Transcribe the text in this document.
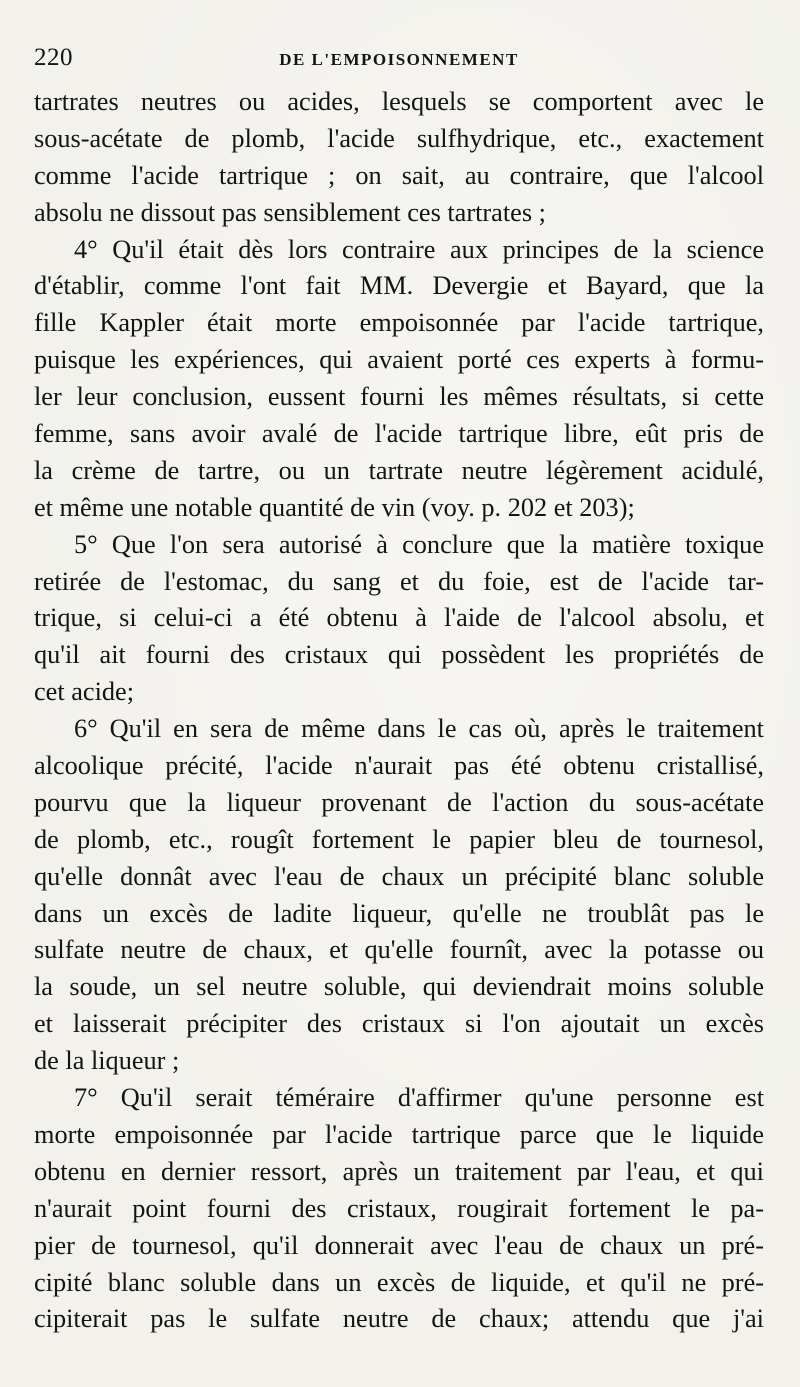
220	DE L'EMPOISONNEMENT
tartrates neutres ou acides, lesquels se comportent avec le
sous-acétate de plomb, l'acide sulfhydrique, etc., exactement
comme l'acide tartrique ; on sait, au contraire, que l'alcool
absolu ne dissout pas sensiblement ces tartrates ;
4° Qu'il était dès lors contraire aux principes de la science
d'établir, comme l'ont fait MM. Devergie et Bayard, que la
fille Kappler était morte empoisonnée par l'acide tartrique,
puisque les expériences, qui avaient porté ces experts à formu-
ler leur conclusion, eussent fourni les mêmes résultats, si cette
femme, sans avoir avalé de l'acide tartrique libre, eût pris de
la crème de tartre, ou un tartrate neutre légèrement acidulé,
et même une notable quantité de vin (voy. p. 202 et 203);
5° Que l'on sera autorisé à conclure que la matière toxique
retirée de l'estomac, du sang et du foie, est de l'acide tar-
trique, si celui-ci a été obtenu à l'aide de l'alcool absolu, et
qu'il ait fourni des cristaux qui possèdent les propriétés de
cet acide;
6° Qu'il en sera de même dans le cas où, après le traitement
alcoolique précité, l'acide n'aurait pas été obtenu cristallisé,
pourvu que la liqueur provenant de l'action du sous-acétate
de plomb, etc., rougît fortement le papier bleu de tournesol,
qu'elle donnât avec l'eau de chaux un précipité blanc soluble
dans un excès de ladite liqueur, qu'elle ne troublât pas le
sulfate neutre de chaux, et qu'elle fournît, avec la potasse ou
la soude, un sel neutre soluble, qui deviendrait moins soluble
et laisserait précipiter des cristaux si l'on ajoutait un excès
de la liqueur ;
7° Qu'il serait téméraire d'affirmer qu'une personne est
morte empoisonnée par l'acide tartrique parce que le liquide
obtenu en dernier ressort, après un traitement par l'eau, et qui
n'aurait point fourni des cristaux, rougirait fortement le pa-
pier de tournesol, qu'il donnerait avec l'eau de chaux un pré-
cipité blanc soluble dans un excès de liquide, et qu'il ne pré-
cipiterait pas le sulfate neutre de chaux; attendu que j'ai
